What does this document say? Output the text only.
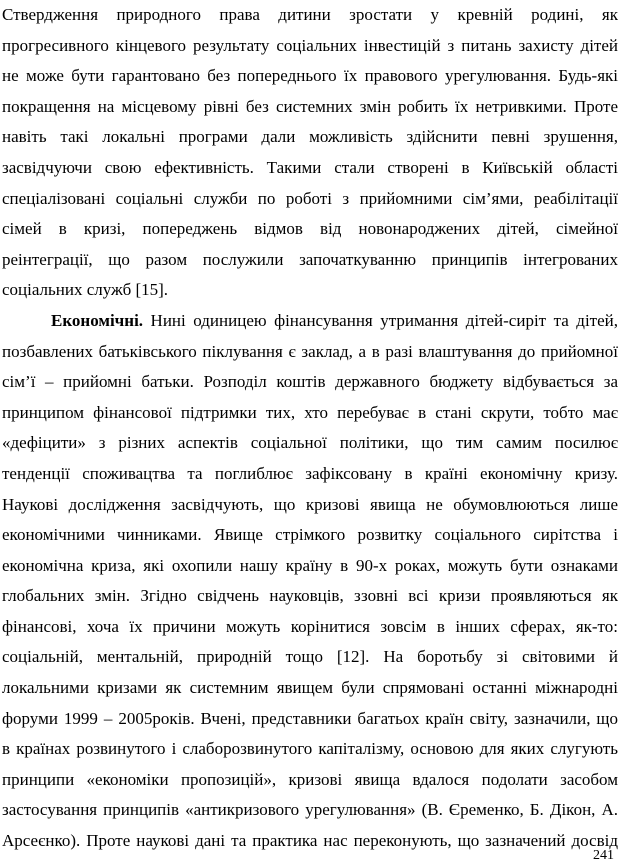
Ствердження природного права дитини зростати у кревній родині, як
прогресивного кінцевого результату соціальних інвестицій з питань захисту дітей
не може бути гарантовано без попереднього їх правового урегулювання. Будь-які
покращення на місцевому рівні без системних змін робить їх нетривкими. Проте
навіть такі локальні програми дали можливість здійснити певні зрушення,
засвідчуючи свою ефективність. Такими стали створені в Київській області
спеціалізовані соціальні служби по роботі з прийомними сім’ями, реабілітації
сімей в кризі, попереджень відмов від новонароджених дітей, сімейної
реінтеграції, що разом послужили започаткуванню принципів інтегрованих
соціальних служб [15].
Економічні. Нині одиницею фінансування утримання дітей-сиріт та дітей,
позбавлених батьківського піклування є заклад, а в разі влаштування до прийомної
сім’ї – прийомні батьки. Розподіл коштів державного бюджету відбувається за
принципом фінансової підтримки тих, хто перебуває в стані скрути, тобто має
«дефіцити» з різних аспектів соціальної політики, що тим самим посилює
тенденції споживацтва та поглиблює зафіксовану в країні економічну кризу.
Наукові дослідження засвідчують, що кризові явища не обумовлюються лише
економічними чинниками. Явище стрімкого розвитку соціального сирітства і
економічна криза, які охопили нашу країну в 90-х роках, можуть бути ознаками
глобальних змін. Згідно свідчень науковців, ззовні всі кризи проявляються як
фінансові, хоча їх причини можуть корінитися зовсім в інших сферах, як-то:
соціальній, ментальній, природній тощо [12]. На боротьбу зі світовими й
локальними кризами як системним явищем були спрямовані останні міжнародні
форуми 1999 – 2005років. Вчені, представники багатьох країн світу, зазначили, що
в країнах розвинутого і слаборозвинутого капіталізму, основою для яких слугують
принципи «економіки пропозицій», кризові явища вдалося подолати засобом
застосування принципів «антикризового урегулювання» (В. Єременко, Б. Дікон, А.
Арсеєнко). Проте наукові дані та практика нас переконують, що зазначений досвід
241
